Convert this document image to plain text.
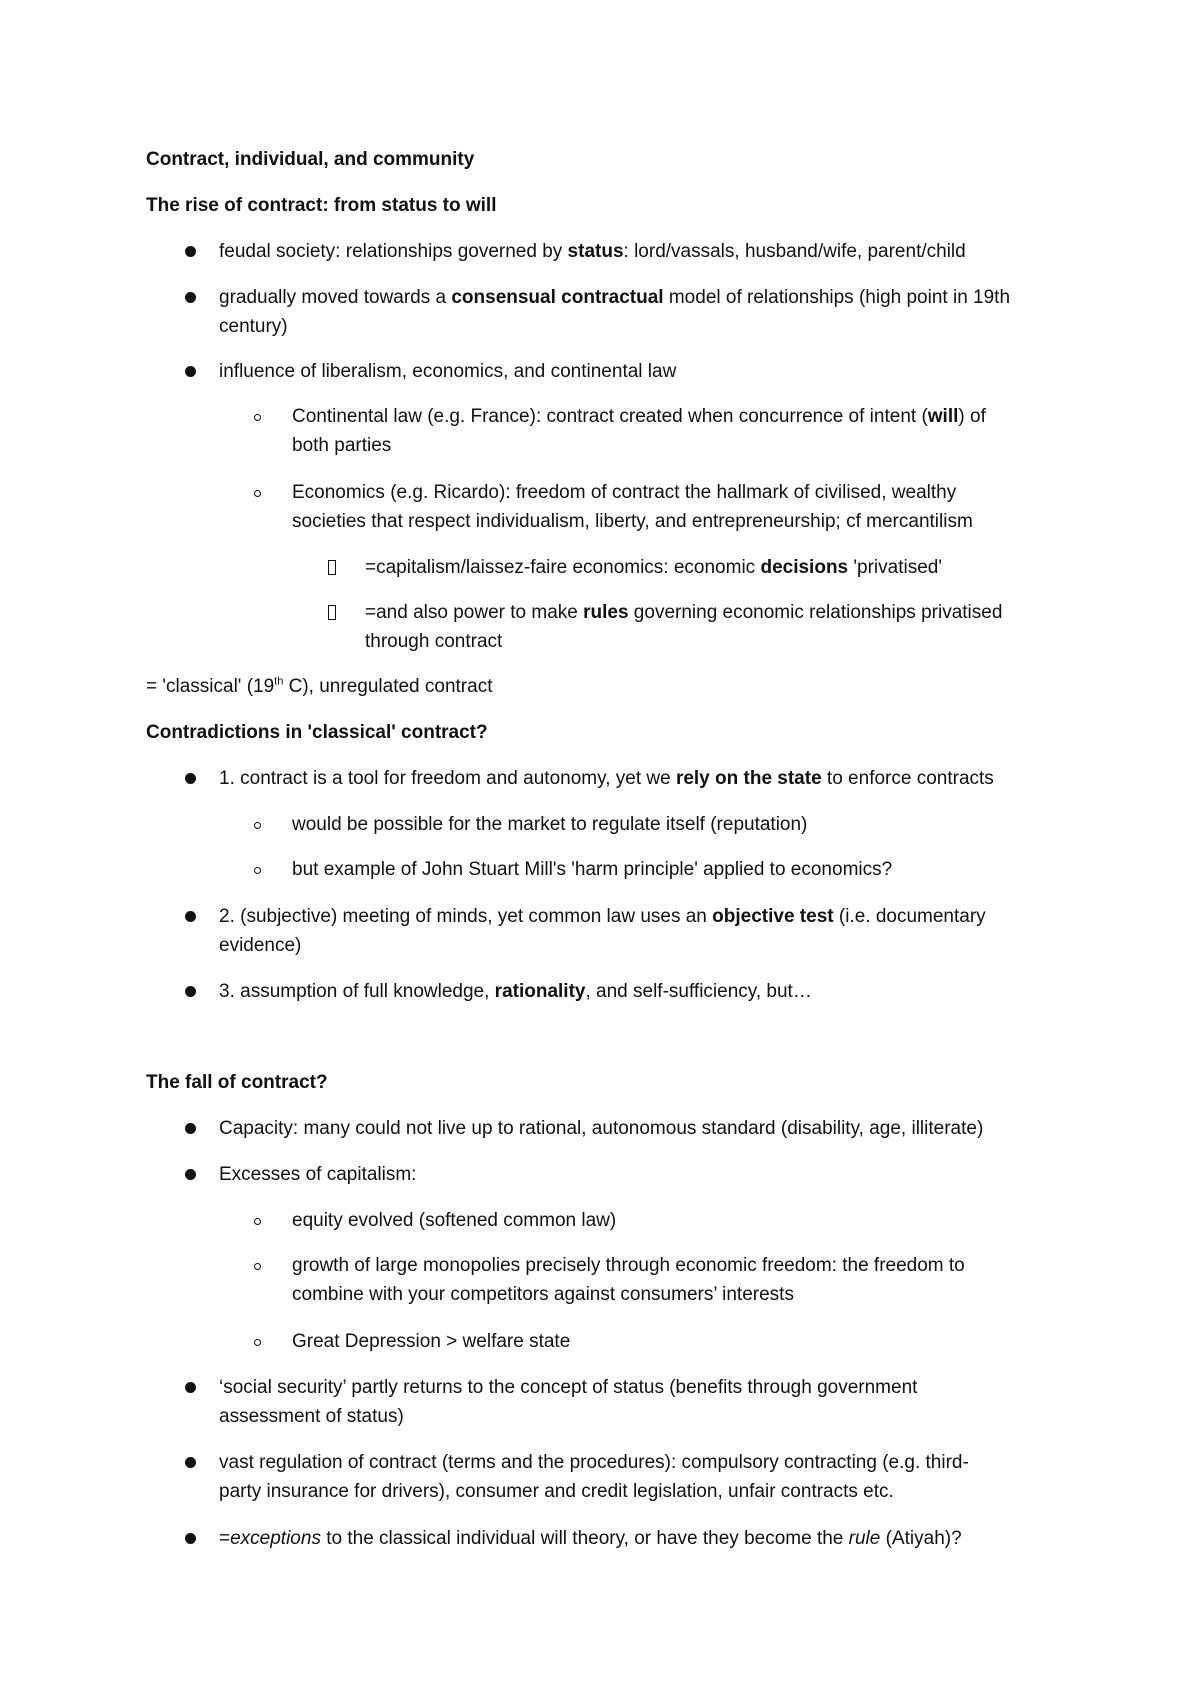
Contract, individual, and community
The rise of contract: from status to will
feudal society: relationships governed by status: lord/vassals, husband/wife, parent/child
gradually moved towards a consensual contractual model of relationships (high point in 19th
century)
influence of liberalism, economics, and continental law
Continental law (e.g. France): contract created when concurrence of intent (will) of
both parties
Economics (e.g. Ricardo): freedom of contract the hallmark of civilised, wealthy
societies that respect individualism, liberty, and entrepreneurship; cf mercantilism
=capitalism/laissez-faire economics: economic decisions 'privatised'
=and also power to make rules governing economic relationships privatised
through contract
= 'classical' (19th C), unregulated contract
Contradictions in 'classical' contract?
1. contract is a tool for freedom and autonomy, yet we rely on the state to enforce contracts
would be possible for the market to regulate itself (reputation)
but example of John Stuart Mill's 'harm principle' applied to economics?
2. (subjective) meeting of minds, yet common law uses an objective test (i.e. documentary
evidence)
3. assumption of full knowledge, rationality, and self-sufficiency, but…
The fall of contract?
Capacity: many could not live up to rational, autonomous standard (disability, age, illiterate)
Excesses of capitalism:
equity evolved (softened common law)
growth of large monopolies precisely through economic freedom: the freedom to
combine with your competitors against consumers’ interests
Great Depression > welfare state
‘social security’ partly returns to the concept of status (benefits through government
assessment of status)
vast regulation of contract (terms and the procedures): compulsory contracting (e.g. third-
party insurance for drivers), consumer and credit legislation, unfair contracts etc.
=exceptions to the classical individual will theory, or have they become the rule (Atiyah)?
